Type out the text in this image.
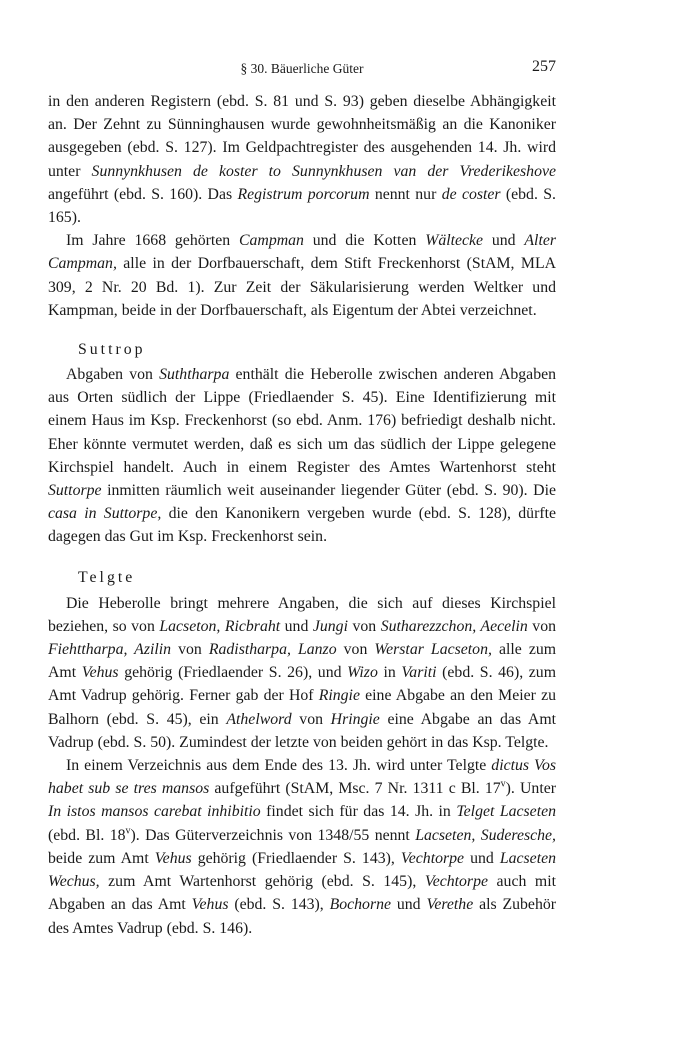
§ 30. Bäuerliche Güter	257

in den anderen Registern (ebd. S. 81 und S. 93) geben dieselbe Abhängigkeit an. Der Zehnt zu Sünninghausen wurde gewohnheitsmäßig an die Kanoniker ausgegeben (ebd. S. 127). Im Geldpachtregister des ausgehenden 14. Jh. wird unter Sunnynkhusen de koster to Sunnynkhusen van der Vrederikeshove angeführt (ebd. S. 160). Das Registrum porcorum nennt nur de coster (ebd. S. 165).

Im Jahre 1668 gehörten Campman und die Kotten Wältecke und Alter Campman, alle in der Dorfbauerschaft, dem Stift Freckenhorst (StAM, MLA 309, 2 Nr. 20 Bd. 1). Zur Zeit der Säkularisierung werden Weltker und Kampman, beide in der Dorfbauerschaft, als Eigentum der Abtei verzeichnet.

Suttrop

Abgaben von Suththarpa enthält die Heberolle zwischen anderen Abgaben aus Orten südlich der Lippe (Friedlaender S. 45). Eine Identifizierung mit einem Haus im Ksp. Freckenhorst (so ebd. Anm. 176) befriedigt deshalb nicht. Eher könnte vermutet werden, daß es sich um das südlich der Lippe gelegene Kirchspiel handelt. Auch in einem Register des Amtes Wartenhorst steht Suttorpe inmitten räumlich weit auseinander liegender Güter (ebd. S. 90). Die casa in Suttorpe, die den Kanonikern vergeben wurde (ebd. S. 128), dürfte dagegen das Gut im Ksp. Freckenhorst sein.

Telgte

Die Heberolle bringt mehrere Angaben, die sich auf dieses Kirchspiel beziehen, so von Lacseton, Ricbraht und Jungi von Sutharezzchon, Aecelin von Fiehttharpa, Azilin von Radistharpa, Lanzo von Werstar Lacseton, alle zum Amt Vehus gehörig (Friedlaender S. 26), und Wizo in Variti (ebd. S. 46), zum Amt Vadrup gehörig. Ferner gab der Hof Ringie eine Abgabe an den Meier zu Balhorn (ebd. S. 45), ein Athelword von Hringie eine Abgabe an das Amt Vadrup (ebd. S. 50). Zumindest der letzte von beiden gehört in das Ksp. Telgte.

In einem Verzeichnis aus dem Ende des 13. Jh. wird unter Telgte dictus Vos habet sub se tres mansos aufgeführt (StAM, Msc. 7 Nr. 1311 c Bl. 17$^v$). Unter In istos mansos carebat inhibitio findet sich für das 14. Jh. in Telget Lacseten (ebd. Bl. 18$^v$). Das Güterverzeichnis von 1348/55 nennt Lacseten, Suderesche, beide zum Amt Vehus gehörig (Friedlaender S. 143), Vechtorpe und Lacseten Wechus, zum Amt Wartenhorst gehörig (ebd. S. 145), Vechtorpe auch mit Abgaben an das Amt Vehus (ebd. S. 143), Bochorne und Verethe als Zubehör des Amtes Vadrup (ebd. S. 146).
